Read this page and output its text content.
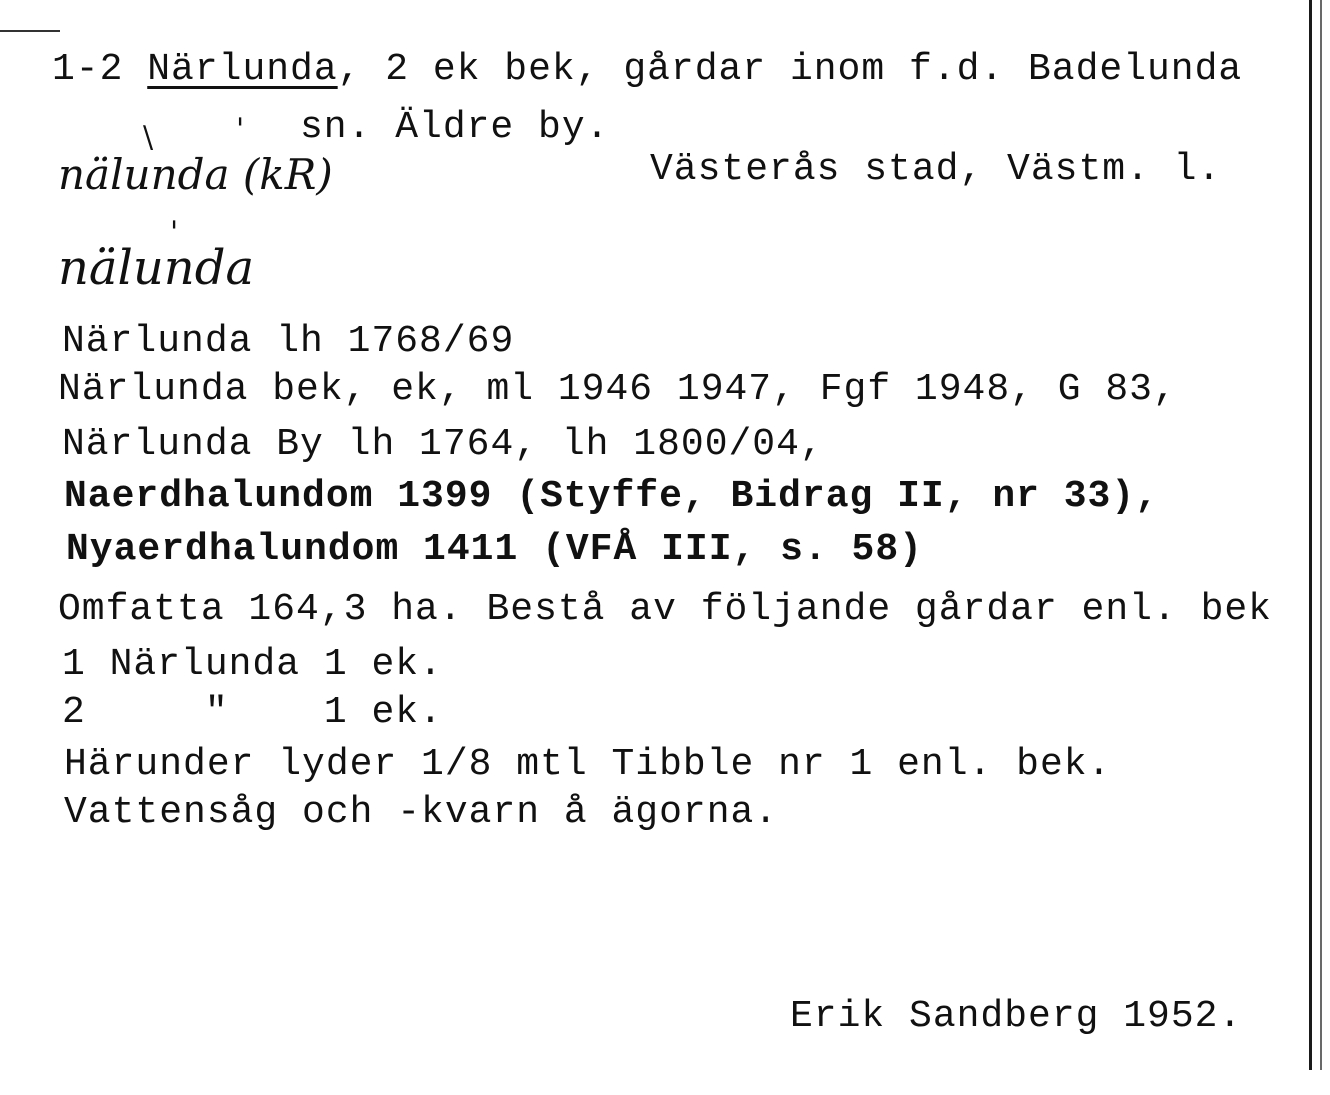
1-2 Närlunda, 2 ek bek, gårdar inom f.d. Badelunda
\	' sn. Äldre by.
nälunda (kR)	Västerås stad, Västm. l.
'
nälunda
Närlunda lh 1768/69
Närlunda bek, ek, ml 1946 1947, Fgf 1948, G 83,
Närlunda By lh 1764, lh 1800/04,
Naerdhalundom 1399 (Styffe, Bidrag II, nr 33),
Nyaerdhalundom 1411 (VFÅ III, s. 58)
Omfatta 164,3 ha. Bestå av följande gårdar enl. bek
1 Närlunda 1 ek.
2     "    1 ek.
Härunder lyder 1/8 mtl Tibble nr 1 enl. bek.
Vattensåg och -kvarn å ägorna.
Erik Sandberg 1952.
